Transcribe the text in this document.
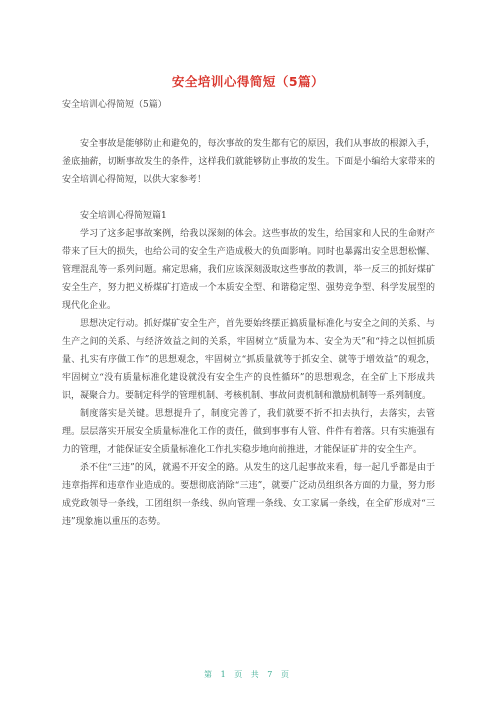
安全培训心得简短（5篇）
安全培训心得简短（5篇）

安全事故是能够防止和避免的，每次事故的发生都有它的原因，我们从事故的根源入手，釜底抽薪，切断事故发生的条件，这样我们就能够防止事故的发生。下面是小编给大家带来的安全培训心得简短，以供大家参考！

安全培训心得简短篇1

学习了这多起事故案例，给我以深刻的体会。这些事故的发生，给国家和人民的生命财产带来了巨大的损失，也给公司的安全生产造成极大的负面影响。同时也暴露出安全思想松懈、管理混乱等一系列问题。痛定思痛，我们应该深刻汲取这些事故的教训，举一反三的抓好煤矿安全生产，努力把义桥煤矿打造成一个本质安全型、和谐稳定型、强势竞争型、科学发展型的现代化企业。

思想决定行动。抓好煤矿安全生产，首先要始终摆正搞质量标准化与安全之间的关系、与生产之间的关系、与经济效益之间的关系，牢固树立“质量为本、安全为天”和“持之以恒抓质量、扎实有序做工作”的思想观念，牢固树立“抓质量就等于抓安全、就等于增效益”的观念，牢固树立“没有质量标准化建设就没有安全生产的良性循环”的思想观念，在全矿上下形成共识，凝聚合力。要制定科学的管理机制、考核机制、事故问责机制和激励机制等一系列制度。

制度落实是关键。思想提升了，制度完善了，我们就要不折不扣去执行，去落实，去管理。层层落实开展安全质量标准化工作的责任，做到事事有人管、件件有着落。只有实施强有力的管理，才能保证安全质量标准化工作扎实稳步地向前推进，才能保证矿井的安全生产。

杀不住“三违”的风，就遏不开安全的路。从发生的这几起事故来看，每一起几乎都是由于违章指挥和违章作业造成的。要想彻底消除“三违”，就要广泛动员组织各方面的力量，努力形成党政领导一条线，工团组织一条线、纵向管理一条线、女工家属一条线，在全矿形成对“三违”现象施以重压的态势。

第 1 页 共 7 页
